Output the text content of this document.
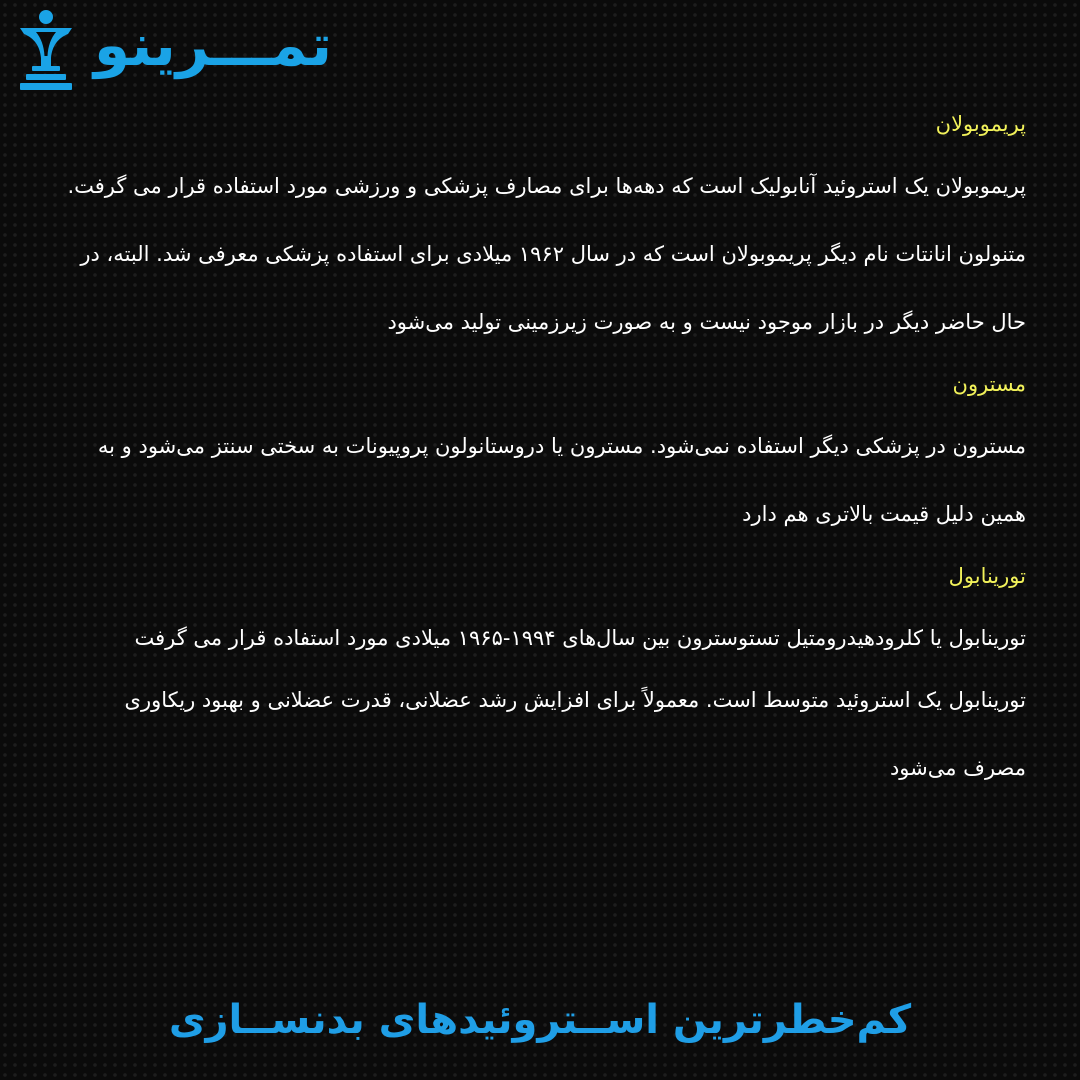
تمـــرینو
پریموبولان

پریموبولان یک استروئید آنابولیک است که دهه‌ها برای مصارف پزشکی و ورزشی مورد استفاده قرار می گرفت. متنولون انانتات نام دیگر پریموبولان است که در سال ۱۹۶۲ میلادی برای استفاده پزشکی معرفی شد. البته، در حال حاضر دیگر در بازار موجود نیست و به صورت زیرزمینی تولید می‌شود

مسترون

مسترون در پزشکی دیگر استفاده نمی‌شود. مسترون یا دروستانولون پروپیونات به سختی سنتز می‌شود و به همین دلیل قیمت بالاتری هم دارد

تورینابول

تورینابول یا کلرودهیدرومتیل تستوسترون بین سال‌های ۱۹۹۴-۱۹۶۵ میلادی مورد استفاده قرار می گرفت

تورینابول یک استروئید متوسط است. معمولاً برای افزایش رشد عضلانی، قدرت عضلانی و بهبود ریکاوری مصرف می‌شود

کم‌خطرترین اســتروئیدهای بدنســازی
